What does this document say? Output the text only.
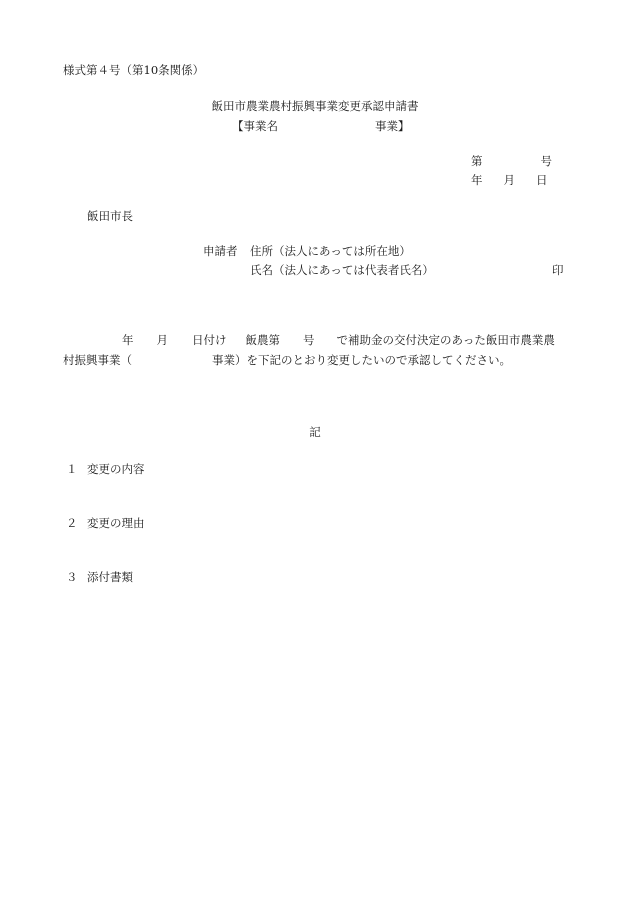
様式第４号（第10条関係）
飯田市農業農村振興事業変更承認申請書
【事業名	事業】
第	号
年 月 日
飯田市長
申請者 住所（法人にあっては所在地）
氏名（法人にあっては代表者氏名）	印
年 月 日付け 飯農第 号 で補助金の交付決定のあった飯田市農業農
村振興事業（	事業）を下記のとおり変更したいので承認してください。
記
１ 変更の内容
２ 変更の理由
３ 添付書類
